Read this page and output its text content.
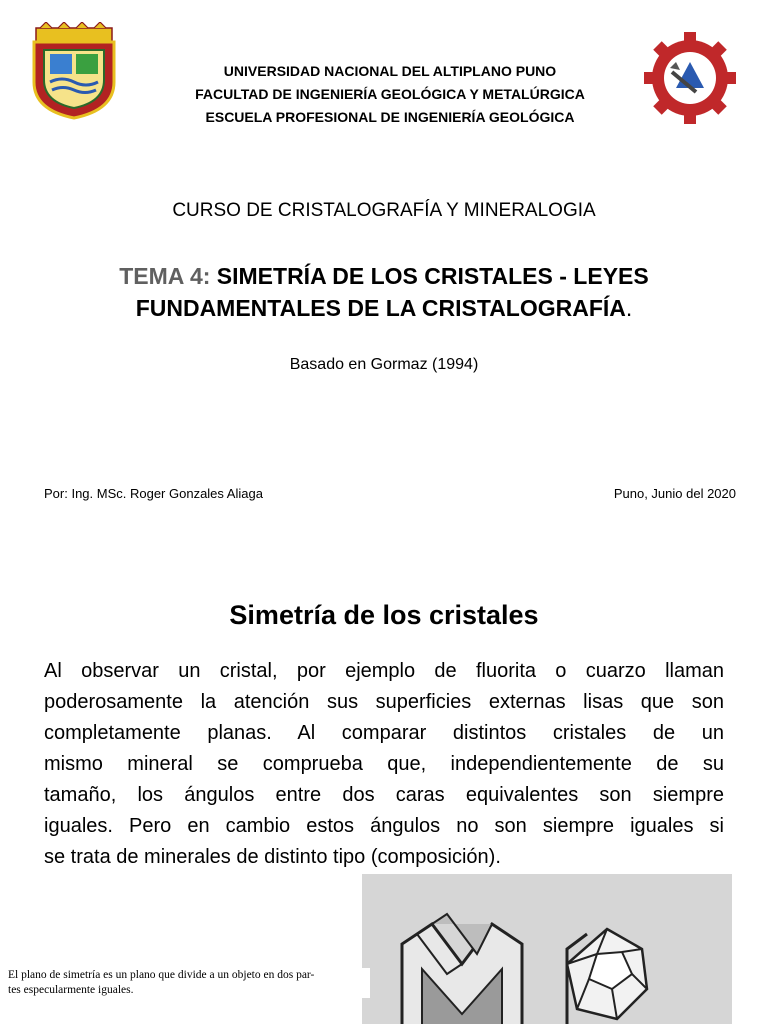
UNIVERSIDAD NACIONAL DEL ALTIPLANO PUNO
FACULTAD DE INGENIERÍA GEOLÓGICA Y METALÚRGICA
ESCUELA PROFESIONAL DE INGENIERÍA GEOLÓGICA
CURSO DE CRISTALOGRAFÍA Y MINERALOGIA
TEMA 4: SIMETRÍA DE LOS CRISTALES - LEYES
FUNDAMENTALES DE LA CRISTALOGRAFÍA.
Basado en Gormaz (1994)
Por: Ing. MSc. Roger Gonzales Aliaga	Puno, Junio del 2020
Simetría de los cristales
Al observar un cristal, por ejemplo de fluorita o cuarzo llaman
poderosamente la atención sus superficies externas lisas que son
completamente planas. Al comparar distintos cristales de un
mismo mineral se comprueba que, independientemente de su
tamaño, los ángulos entre dos caras equivalentes son siempre
iguales. Pero en cambio estos ángulos no son siempre iguales si
se trata de minerales de distinto tipo (composición).
El plano de simetría es un plano que divide a un objeto en dos par-
tes especularmente iguales.
